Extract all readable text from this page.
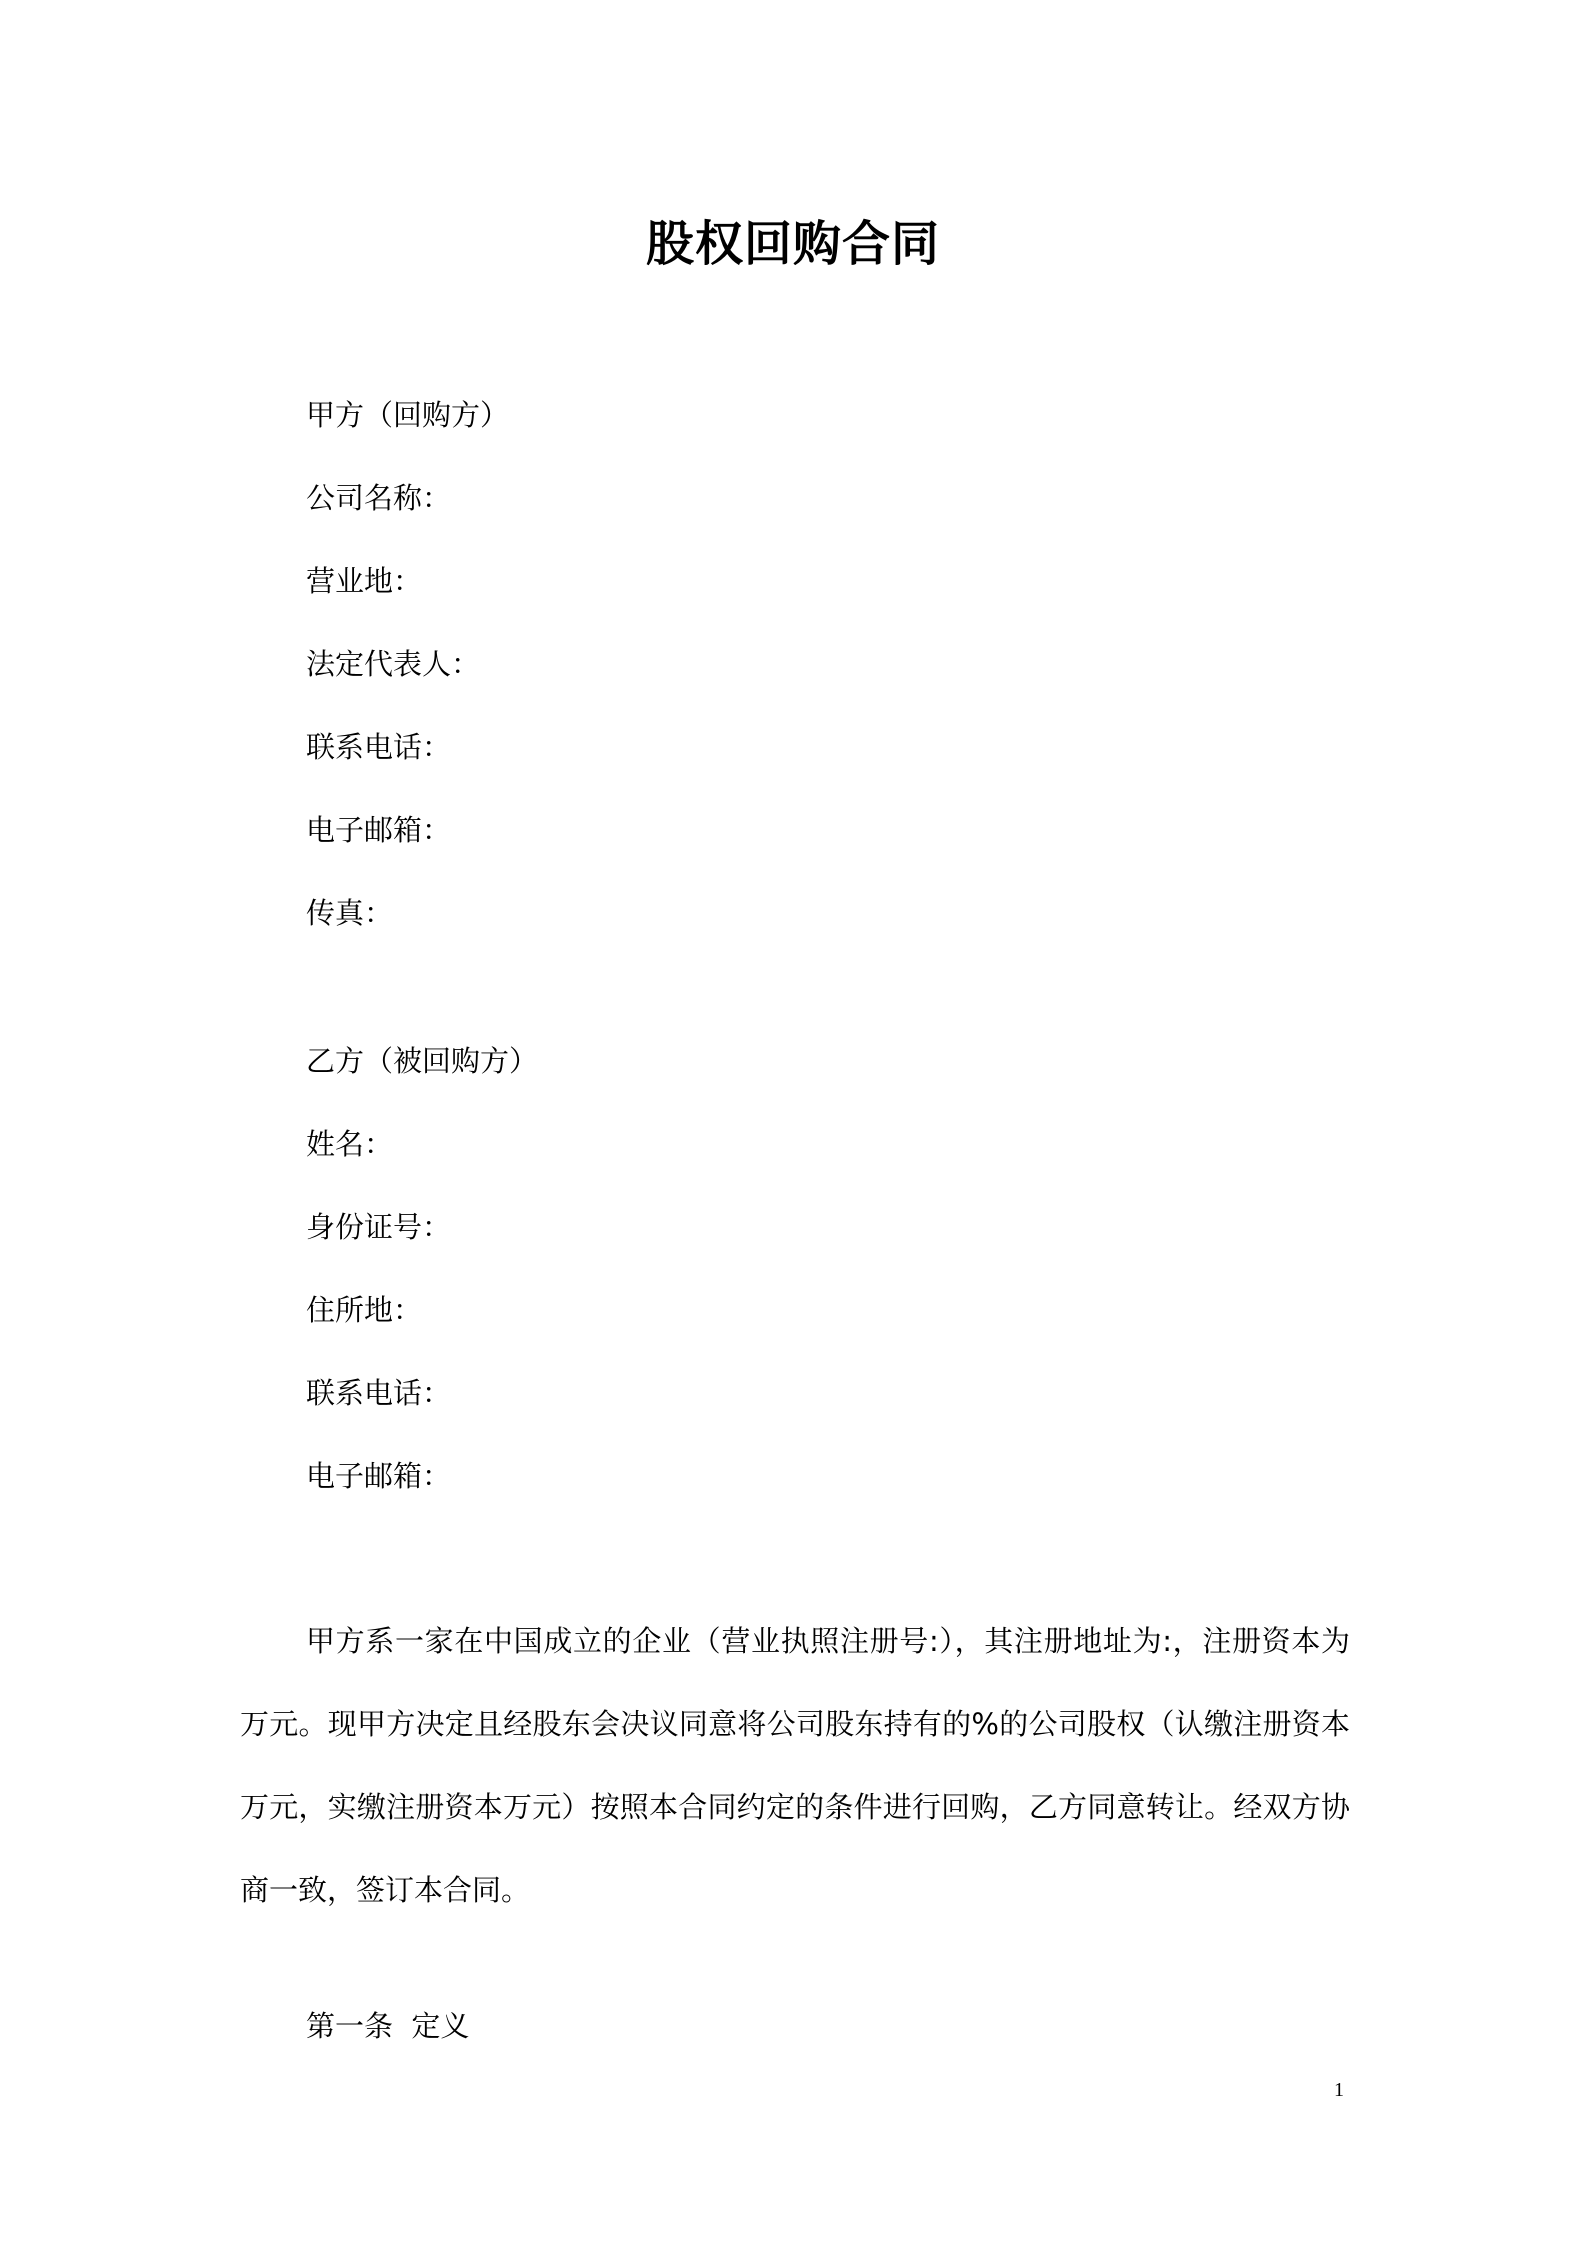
股权回购合同
甲方（回购方）
公司名称：
营业地：
法定代表人：
联系电话：
电子邮箱：
传真：
乙方（被回购方）
姓名：
身份证号：
住所地：
联系电话：
电子邮箱：

甲方系一家在中国成立的企业（营业执照注册号:），其注册地址为:，注册资本为万元。现甲方决定且经股东会决议同意将公司股东持有的%的公司股权（认缴注册资本万元，实缴注册资本万元）按照本合同约定的条件进行回购，乙方同意转让。经双方协商一致，签订本合同。

第一条  定义
1
